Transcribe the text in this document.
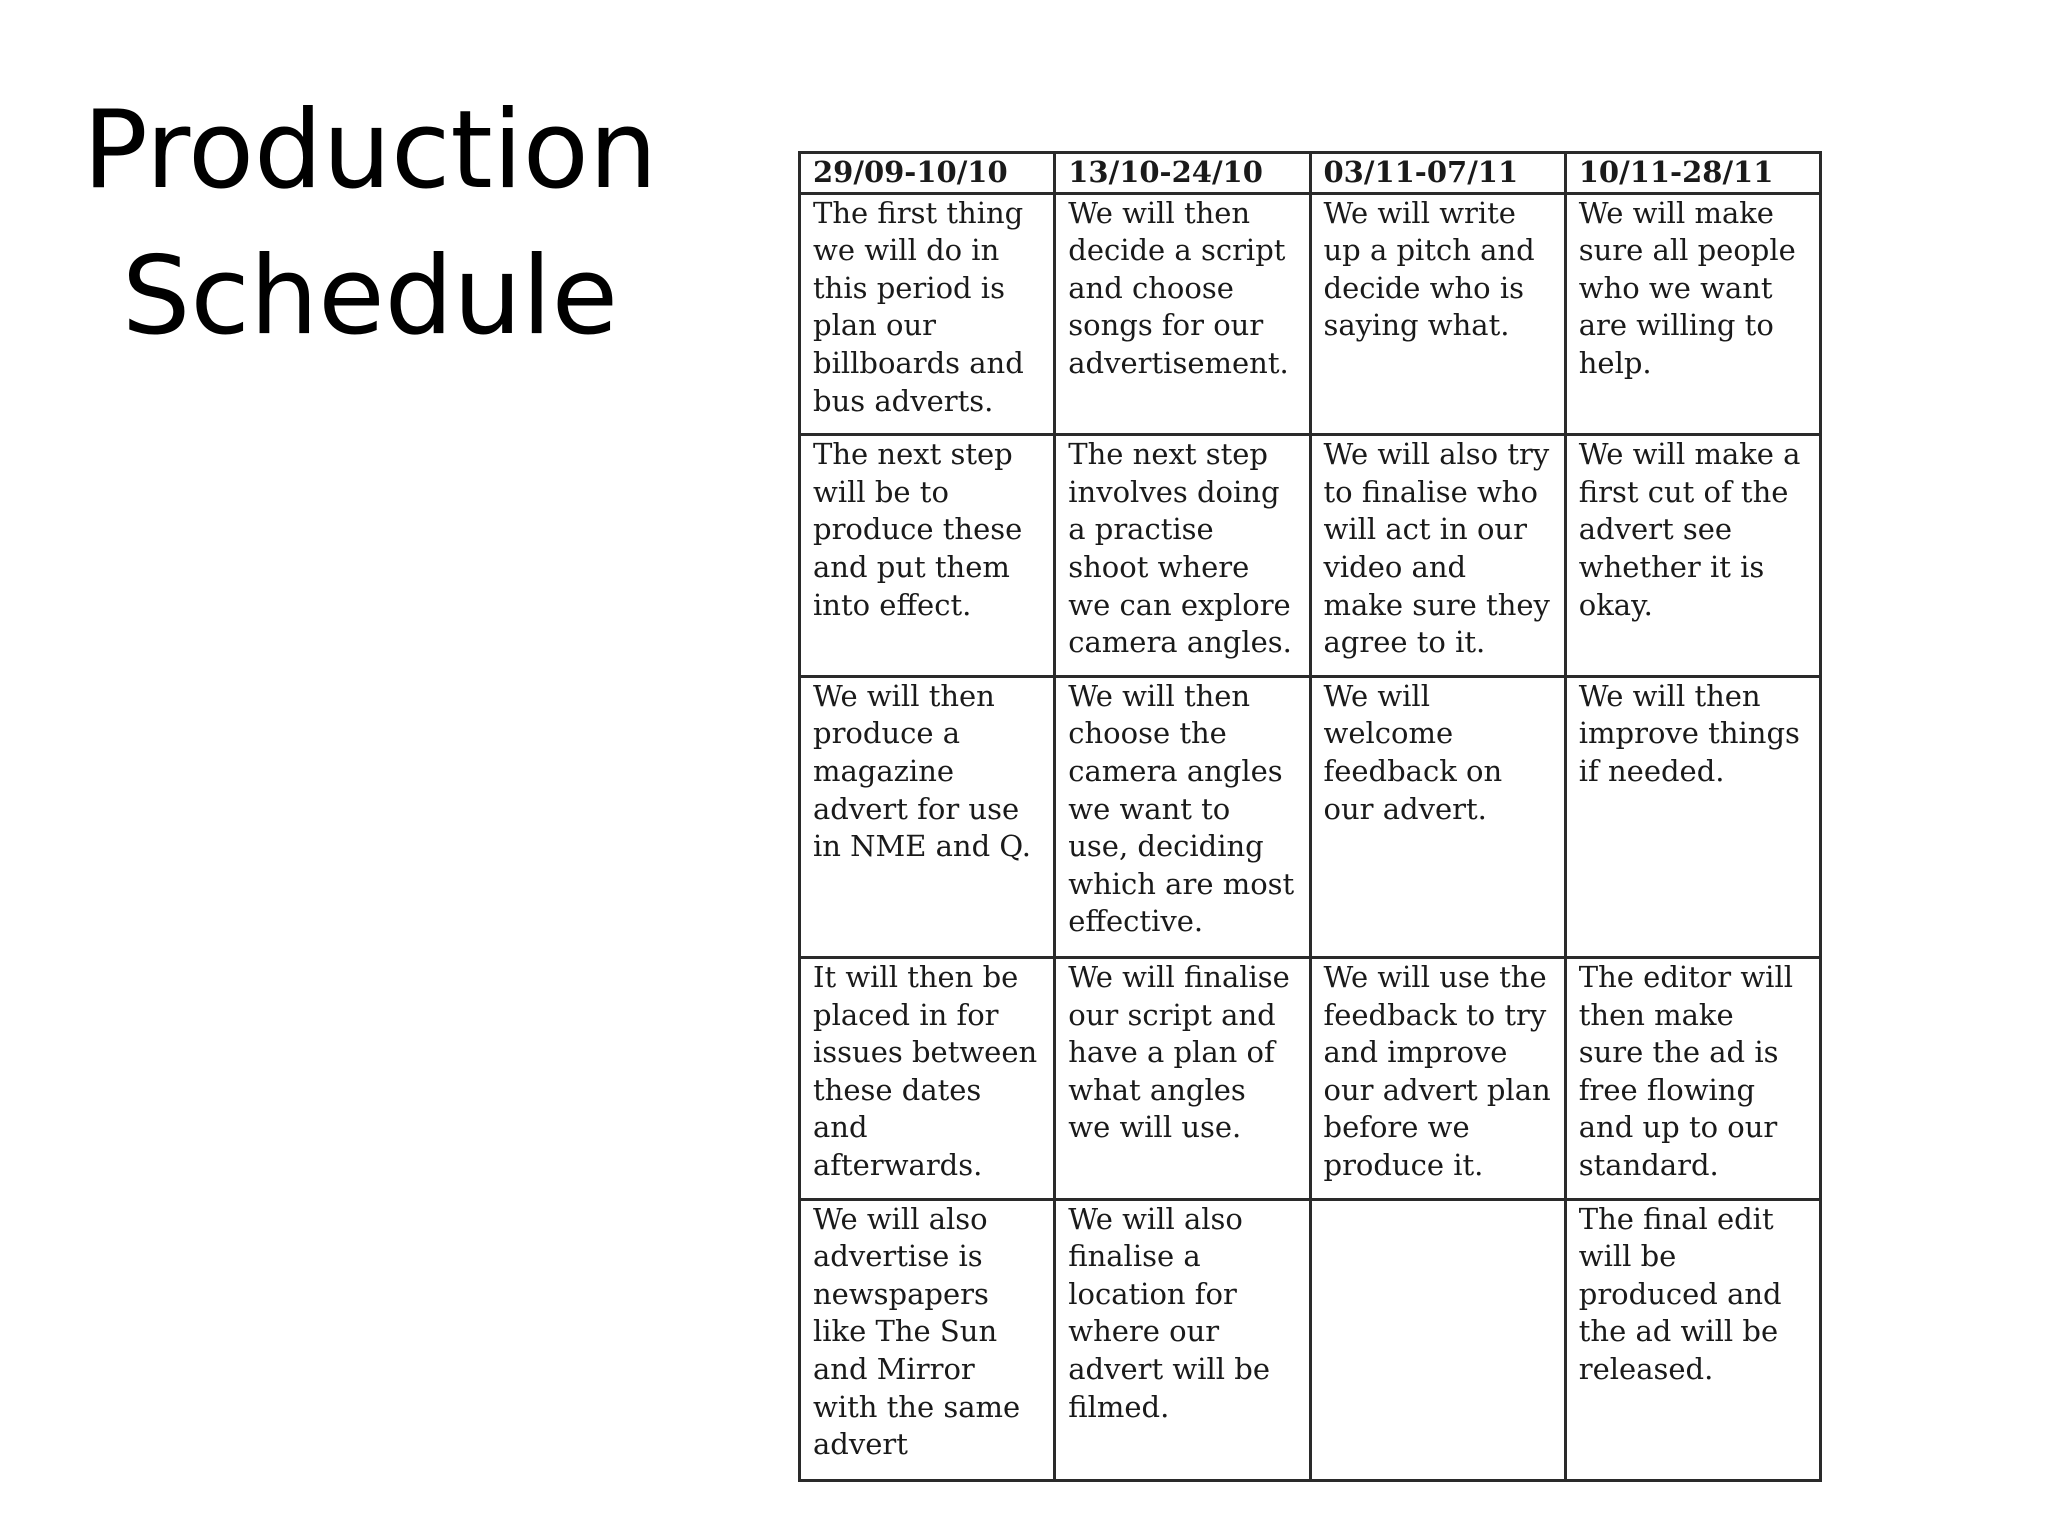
Production
Schedule
29/09-10/10	13/10-24/10	03/11-07/11	10/11-28/11
The first thing we will do in this period is plan our billboards and bus adverts.	We will then decide a script and choose songs for our advertisement.	We will write up a pitch and decide who is saying what.	We will make sure all people who we want are willing to help.
The next step will be to produce these and put them into effect.	The next step involves doing a practise shoot where we can explore camera angles.	We will also try to finalise who will act in our video and make sure they agree to it.	We will make a first cut of the advert see whether it is okay.
We will then produce a magazine advert for use in NME and Q.	We will then choose the camera angles we want to use, deciding which are most effective.	We will welcome feedback on our advert.	We will then improve things if needed.
It will then be placed in for issues between these dates and afterwards.	We will finalise our script and have a plan of what angles we will use.	We will use the feedback to try and improve our advert plan before we produce it.	The editor will then make sure the ad is free flowing and up to our standard.
We will also advertise is newspapers like The Sun and Mirror with the same advert	We will also finalise a location for where our advert will be filmed.		The final edit will be produced and the ad will be released.
